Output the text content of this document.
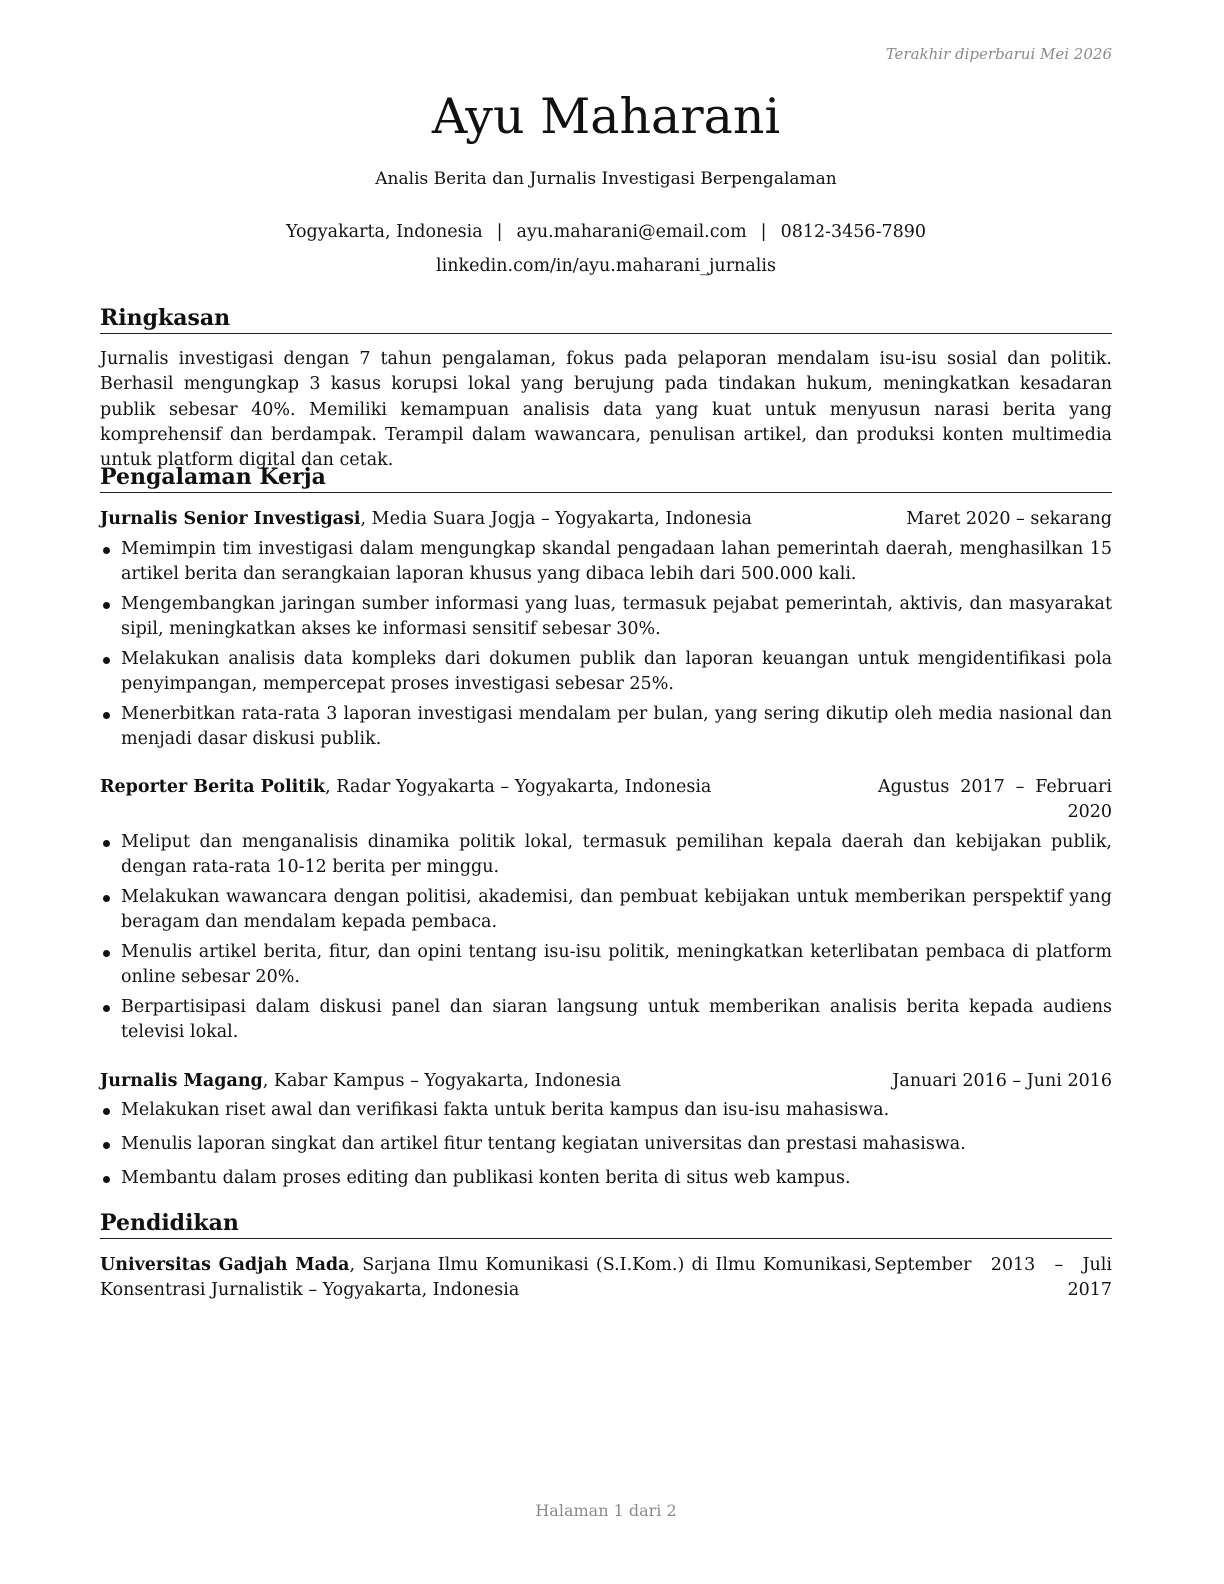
Terakhir diperbarui Mei 2026
Ayu Maharani
Analis Berita dan Jurnalis Investigasi Berpengalaman
Yogyakarta, Indonesia | ayu.maharani@email.com | 0812-3456-7890
linkedin.com/in/ayu.maharani_jurnalis
Ringkasan

Jurnalis investigasi dengan 7 tahun pengalaman, fokus pada pelaporan mendalam isu-isu sosial dan politik. Berhasil mengungkap 3 kasus korupsi lokal yang berujung pada tindakan hukum, meningkatkan kesadaran publik sebesar 40%. Memiliki kemampuan analisis data yang kuat untuk menyusun narasi berita yang komprehensif dan berdampak. Terampil dalam wawancara, penulisan artikel, dan produksi konten multimedia untuk platform digital dan cetak.

Pengalaman Kerja
Jurnalis Senior Investigasi, Media Suara Jogja – Yogyakarta, Indonesia	Maret 2020 – sekarang
Memimpin tim investigasi dalam mengungkap skandal pengadaan lahan pemerintah daerah, menghasilkan 15 artikel berita dan serangkaian laporan khusus yang dibaca lebih dari 500.000 kali.
Mengembangkan jaringan sumber informasi yang luas, termasuk pejabat pemerintah, aktivis, dan masyarakat sipil, meningkatkan akses ke informasi sensitif sebesar 30%.
Melakukan analisis data kompleks dari dokumen publik dan laporan keuangan untuk mengidentifikasi pola penyimpangan, mempercepat proses investigasi sebesar 25%.
Menerbitkan rata-rata 3 laporan investigasi mendalam per bulan, yang sering dikutip oleh media nasional dan menjadi dasar diskusi publik.
Reporter Berita Politik, Radar Yogyakarta – Yogyakarta, Indonesia	Agustus 2017 – Februari 2020
Meliput dan menganalisis dinamika politik lokal, termasuk pemilihan kepala daerah dan kebijakan publik, dengan rata-rata 10-12 berita per minggu.
Melakukan wawancara dengan politisi, akademisi, dan pembuat kebijakan untuk memberikan perspektif yang beragam dan mendalam kepada pembaca.
Menulis artikel berita, fitur, dan opini tentang isu-isu politik, meningkatkan keterlibatan pembaca di platform online sebesar 20%.
Berpartisipasi dalam diskusi panel dan siaran langsung untuk memberikan analisis berita kepada audiens televisi lokal.
Jurnalis Magang, Kabar Kampus – Yogyakarta, Indonesia	Januari 2016 – Juni 2016
Melakukan riset awal dan verifikasi fakta untuk berita kampus dan isu-isu mahasiswa.
Menulis laporan singkat dan artikel fitur tentang kegiatan universitas dan prestasi mahasiswa.
Membantu dalam proses editing dan publikasi konten berita di situs web kampus.
Pendidikan
Universitas Gadjah Mada, Sarjana Ilmu Komunikasi (S.I.Kom.) di Ilmu Komunikasi, Konsentrasi Jurnalistik – Yogyakarta, Indonesia
September 2013 – Juli 2017
Halaman 1 dari 2
